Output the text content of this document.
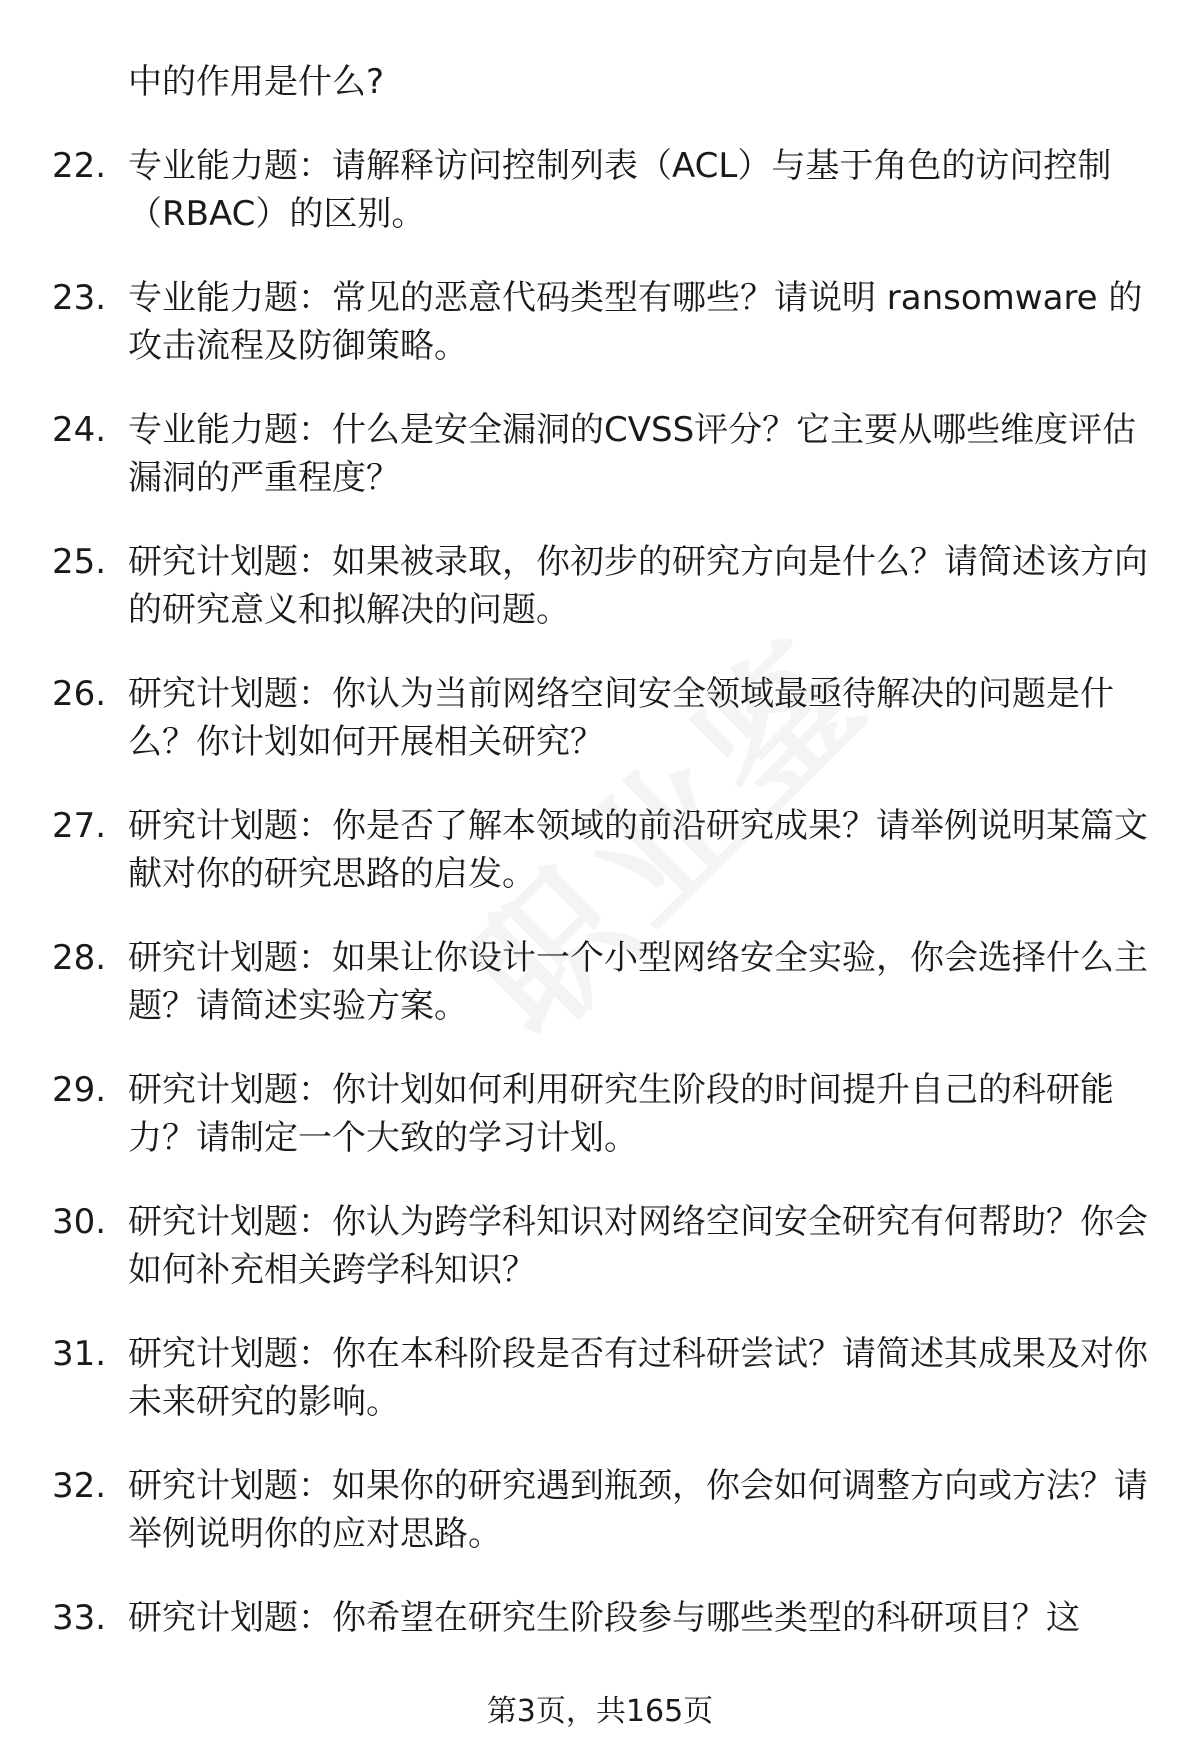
中的作用是什么?
22. 专业能力题：请解释访问控制列表（ACL）与基于角色的访问控制（RBAC）的区别。
23. 专业能力题：常见的恶意代码类型有哪些？请说明 ransomware 的攻击流程及防御策略。
24. 专业能力题：什么是安全漏洞的CVSS评分？它主要从哪些维度评估漏洞的严重程度？
25. 研究计划题：如果被录取，你初步的研究方向是什么？请简述该方向的研究意义和拟解决的问题。
26. 研究计划题：你认为当前网络空间安全领域最亟待解决的问题是什么？你计划如何开展相关研究？
27. 研究计划题：你是否了解本领域的前沿研究成果？请举例说明某篇文献对你的研究思路的启发。
28. 研究计划题：如果让你设计一个小型网络安全实验，你会选择什么主题？请简述实验方案。
29. 研究计划题：你计划如何利用研究生阶段的时间提升自己的科研能力？请制定一个大致的学习计划。
30. 研究计划题：你认为跨学科知识对网络空间安全研究有何帮助？你会如何补充相关跨学科知识？
31. 研究计划题：你在本科阶段是否有过科研尝试？请简述其成果及对你未来研究的影响。
32. 研究计划题：如果你的研究遇到瓶颈，你会如何调整方向或方法？请举例说明你的应对思路。
33. 研究计划题：你希望在研究生阶段参与哪些类型的科研项目？这
第3页，共165页
